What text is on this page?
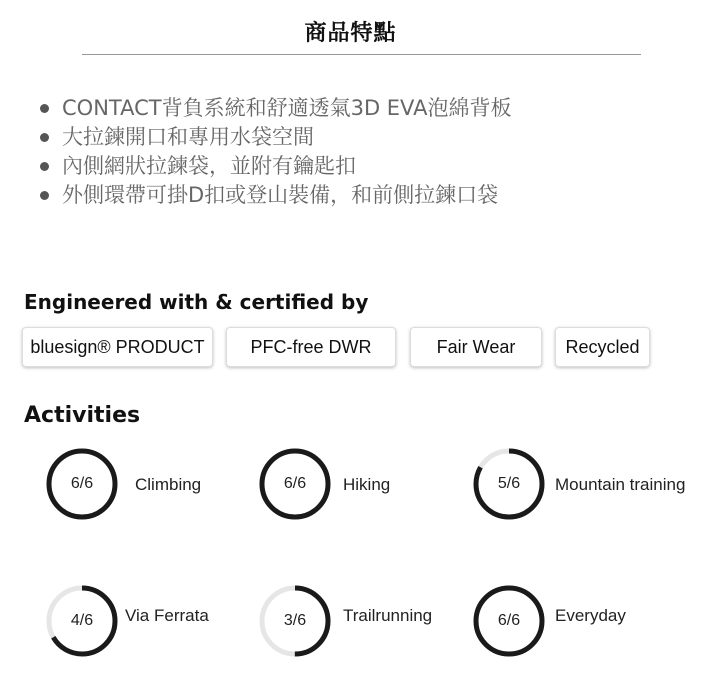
商品特點
CONTACT背負系統和舒適透氣3D EVA泡綿背板
大拉鍊開口和專用水袋空間
內側網狀拉鍊袋，並附有鑰匙扣
外側環帶可掛D扣或登山裝備，和前側拉鍊口袋
Engineered with & certified by
bluesign® PRODUCT	PFC-free DWR	Fair Wear	Recycled
Activities
6/6	Climbing	6/6	Hiking	5/6	Mountain training
4/6	Via Ferrata	3/6	Trailrunning	6/6	Everyday
